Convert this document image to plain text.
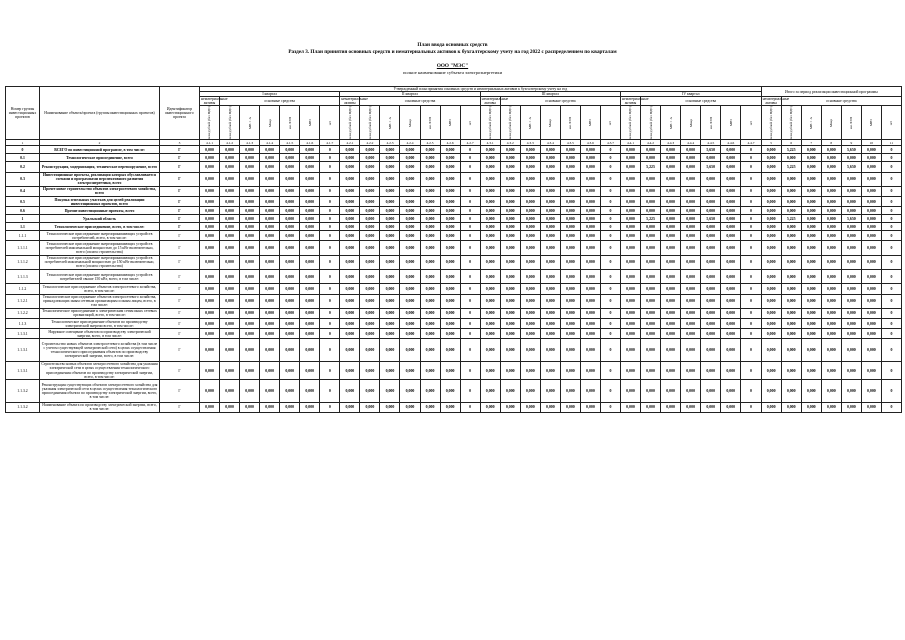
План ввода основных средств
Раздел 3. План принятия основных средств и нематериальных активов к бухгалтерскому учету на год 2022 с распределением по кварталам
ООО "МЭС"
полное наименование субъекта электроэнергетики
Номер группы инвестиционных проектов	Наименование объекта/проекта (группы инвестиционных проектов)	Идентификатор инвестиционного проекта	Утвержденный план принятия основных средств и нематериальных активов к бухгалтерскому учету на год																												Итого за период реализации инвестиционной программы						
			I квартал							II квартал							III квартал							IV квартал													
			нематериальные активы	основные средства						нематериальные активы	основные средства						нематериальные активы	основные средства						нематериальные активы	основные средства						нематериальные активы	основные средства					

			млн рублей (без НДС)	млн рублей (без НДС)	МВ×А	Мвар	км ЛЭП	МВт	шт	млн рублей (без НДС)	млн рублей (без НДС)	МВ×А	Мвар	км ЛЭП	МВт	шт	млн рублей (без НДС)	млн рублей (без НДС)	МВ×А	Мвар	км ЛЭП	МВт	шт	млн рублей (без НДС)	млн рублей (без НДС)	МВ×А	Мвар	км ЛЭП	МВт	шт	млн рублей (без НДС)	млн рублей (без НДС)	МВ×А	Мвар	км ЛЭП	МВт	шт

1	2	3	4.1.1	4.1.2	4.1.3	4.1.4	4.1.5	4.1.6	4.1.7	4.2.1	4.2.2	4.2.3	4.2.4	4.2.5	4.2.6	4.2.7	4.3.1	4.3.2	4.3.3	4.3.4	4.3.5	4.3.6	4.3.7	4.4.1	4.4.2	4.4.3	4.4.4	4.4.5	4.4.6	4.4.7	5	6	7	8	9	10	11
0	ВСЕГО по инвестиционной программе, в том числе:	Г	0,000	0,000	0,000	0,000	0,000	0,000	0	0,000	0,000	0,000	0,000	0,000	0,000	0	0,000	0,000	0,000	0,000	0,000	0,000	0	0,000	0,000	0,000	0,000	5,650	0,000	0	0,000	5,225	0,000	0,000	5,650	0,000	0
0.1	Технологическое присоединение, всего	Г	0,000	0,000	0,000	0,000	0,000	0,000	0	0,000	0,000	0,000	0,000	0,000	0,000	0	0,000	0,000	0,000	0,000	0,000	0,000	0	0,000	0,000	0,000	0,000	0,000	0,000	0	0,000	0,000	0,000	0,000	0,000	0,000	0
0.2	Реконструкция, модернизация, техническое перевооружение, всего	Г	0,000	0,000	0,000	0,000	0,000	0,000	0	0,000	0,000	0,000	0,000	0,000	0,000	0	0,000	0,000	0,000	0,000	0,000	0,000	0	0,000	5,225	0,000	0,000	5,650	0,000	0	0,000	5,225	0,000	0,000	5,650	0,000	0
0.3	Инвестиционные проекты, реализация которых обуславливается схемами и программами перспективного развития электроэнергетики, всего	Г	0,000	0,000	0,000	0,000	0,000	0,000	0	0,000	0,000	0,000	0,000	0,000	0,000	0	0,000	0,000	0,000	0,000	0,000	0,000	0	0,000	0,000	0,000	0,000	0,000	0,000	0	0,000	0,000	0,000	0,000	0,000	0,000	0
0.4	Прочее новое строительство объектов электросетевого хозяйства, всего	Г	0,000	0,000	0,000	0,000	0,000	0,000	0	0,000	0,000	0,000	0,000	0,000	0,000	0	0,000	0,000	0,000	0,000	0,000	0,000	0	0,000	0,000	0,000	0,000	0,000	0,000	0	0,000	0,000	0,000	0,000	0,000	0,000	0
0.5	Покупка земельных участков для целей реализации инвестиционных проектов, всего	Г	0,000	0,000	0,000	0,000	0,000	0,000	0	0,000	0,000	0,000	0,000	0,000	0,000	0	0,000	0,000	0,000	0,000	0,000	0,000	0	0,000	0,000	0,000	0,000	0,000	0,000	0	0,000	0,000	0,000	0,000	0,000	0,000	0
0.6	Прочие инвестиционные проекты, всего	Г	0,000	0,000	0,000	0,000	0,000	0,000	0	0,000	0,000	0,000	0,000	0,000	0,000	0	0,000	0,000	0,000	0,000	0,000	0,000	0	0,000	0,000	0,000	0,000	0,000	0,000	0	0,000	0,000	0,000	0,000	0,000	0,000	0
1	Уральский область	Г	0,000	0,000	0,000	0,000	0,000	0,000	0	0,000	0,000	0,000	0,000	0,000	0,000	0	0,000	0,000	0,000	0,000	0,000	0,000	0	0,000	5,225	0,000	0,000	5,650	0,000	0	0,000	5,225	0,000	0,000	5,650	0,000	0
1.1	Технологическое присоединение, всего, в том числе:	Г	0,000	0,000	0,000	0,000	0,000	0,000	0	0,000	0,000	0,000	0,000	0,000	0,000	0	0,000	0,000	0,000	0,000	0,000	0,000	0	0,000	0,000	0,000	0,000	0,000	0,000	0	0,000	0,000	0,000	0,000	0,000	0,000	0
1.1.1	Технологическое присоединение энергопринимающих устройств потребителей, всего, в том числе:	Г	0,000	0,000	0,000	0,000	0,000	0,000	0	0,000	0,000	0,000	0,000	0,000	0,000	0	0,000	0,000	0,000	0,000	0,000	0,000	0	0,000	0,000	0,000	0,000	0,000	0,000	0	0,000	0,000	0,000	0,000	0,000	0,000	0
1.1.1.1	Технологическое присоединение энергопринимающих устройств потребителей максимальной мощностью до 15 кВт включительно, всего (оплата строительства)	Г	0,000	0,000	0,000	0,000	0,000	0,000	0	0,000	0,000	0,000	0,000	0,000	0,000	0	0,000	0,000	0,000	0,000	0,000	0,000	0	0,000	0,000	0,000	0,000	0,000	0,000	0	0,000	0,000	0,000	0,000	0,000	0,000	0
1.1.1.2	Технологическое присоединение энергопринимающих устройств потребителей максимальной мощностью до 150 кВт включительно, всего (оплата строительства)	Г	0,000	0,000	0,000	0,000	0,000	0,000	0	0,000	0,000	0,000	0,000	0,000	0,000	0	0,000	0,000	0,000	0,000	0,000	0,000	0	0,000	0,000	0,000	0,000	0,000	0,000	0	0,000	0,000	0,000	0,000	0,000	0,000	0
1.1.1.3	Технологическое присоединение энергопринимающих устройств потребителей свыше 150 кВт, всего, в том числе:	Г	0,000	0,000	0,000	0,000	0,000	0,000	0	0,000	0,000	0,000	0,000	0,000	0,000	0	0,000	0,000	0,000	0,000	0,000	0,000	0	0,000	0,000	0,000	0,000	0,000	0,000	0	0,000	0,000	0,000	0,000	0,000	0,000	0
1.1.2	Технологическое присоединение объектов электросетевого хозяйства, всего, в том числе:	Г	0,000	0,000	0,000	0,000	0,000	0,000	0	0,000	0,000	0,000	0,000	0,000	0,000	0	0,000	0,000	0,000	0,000	0,000	0,000	0	0,000	0,000	0,000	0,000	0,000	0,000	0	0,000	0,000	0,000	0,000	0,000	0,000	0
1.1.2.1	Технологическое присоединение объектов электросетевого хозяйства, принадлежащих иным сетевым организациям и иным лицам, всего, в том числе:	Г	0,000	0,000	0,000	0,000	0,000	0,000	0	0,000	0,000	0,000	0,000	0,000	0,000	0	0,000	0,000	0,000	0,000	0,000	0,000	0	0,000	0,000	0,000	0,000	0,000	0,000	0	0,000	0,000	0,000	0,000	0,000	0,000	0
1.1.2.2	Технологическое присоединение к электрическим сетям иных сетевых организаций, всего, в том числе:	Г	0,000	0,000	0,000	0,000	0,000	0,000	0	0,000	0,000	0,000	0,000	0,000	0,000	0	0,000	0,000	0,000	0,000	0,000	0,000	0	0,000	0,000	0,000	0,000	0,000	0,000	0	0,000	0,000	0,000	0,000	0,000	0,000	0
1.1.3	Технологическое присоединение объектов по производству электрической энергии всего, в том числе:	Г	0,000	0,000	0,000	0,000	0,000	0,000	0	0,000	0,000	0,000	0,000	0,000	0,000	0	0,000	0,000	0,000	0,000	0,000	0,000	0	0,000	0,000	0,000	0,000	0,000	0,000	0	0,000	0,000	0,000	0,000	0,000	0,000	0
1.1.3.1	Наружное освещение объектов по производству электрической энергии, всего, в том числе:	Г	0,000	0,000	0,000	0,000	0,000	0,000	0	0,000	0,000	0,000	0,000	0,000	0,000	0	0,000	0,000	0,000	0,000	0,000	0,000	0	0,000	0,000	0,000	0,000	0,000	0,000	0	0,000	0,000	0,000	0,000	0,000	0,000	0
1.1.3.1	Строительство новых объектов электросетевого хозяйства (в том числе с учетом существующей электрической сети) в целях осуществления технологического присоединения объектов по производству электрической энергии, всего, в том числе:	Г	0,000	0,000	0,000	0,000	0,000	0,000	0	0,000	0,000	0,000	0,000	0,000	0,000	0	0,000	0,000	0,000	0,000	0,000	0,000	0	0,000	0,000	0,000	0,000	0,000	0,000	0	0,000	0,000	0,000	0,000	0,000	0,000	0
1.1.3.1	Строительство новых объектов электросетевого хозяйства для указания электрической сети в целях осуществления технологического присоединения объектов по производству электрической энергии, всего, в том числе:	Г	0,000	0,000	0,000	0,000	0,000	0,000	0	0,000	0,000	0,000	0,000	0,000	0,000	0	0,000	0,000	0,000	0,000	0,000	0,000	0	0,000	0,000	0,000	0,000	0,000	0,000	0	0,000	0,000	0,000	0,000	0,000	0,000	0
1.1.3.2	Реконструкция существующих объектов электросетевого хозяйства для указания электрической сети в целях осуществления технологического присоединения объекта по производству электрической энергии, всего, в том числе:	Г	0,000	0,000	0,000	0,000	0,000	0,000	0	0,000	0,000	0,000	0,000	0,000	0,000	0	0,000	0,000	0,000	0,000	0,000	0,000	0	0,000	0,000	0,000	0,000	0,000	0,000	0	0,000	0,000	0,000	0,000	0,000	0,000	0
1.1.3.2	Наименование объекта по производству электрической энергии, всего, в том числе:	Г	0,000	0,000	0,000	0,000	0,000	0,000	0	0,000	0,000	0,000	0,000	0,000	0,000	0	0,000	0,000	0,000	0,000	0,000	0,000	0	0,000	0,000	0,000	0,000	0,000	0,000	0	0,000	0,000	0,000	0,000	0,000	0,000	0
